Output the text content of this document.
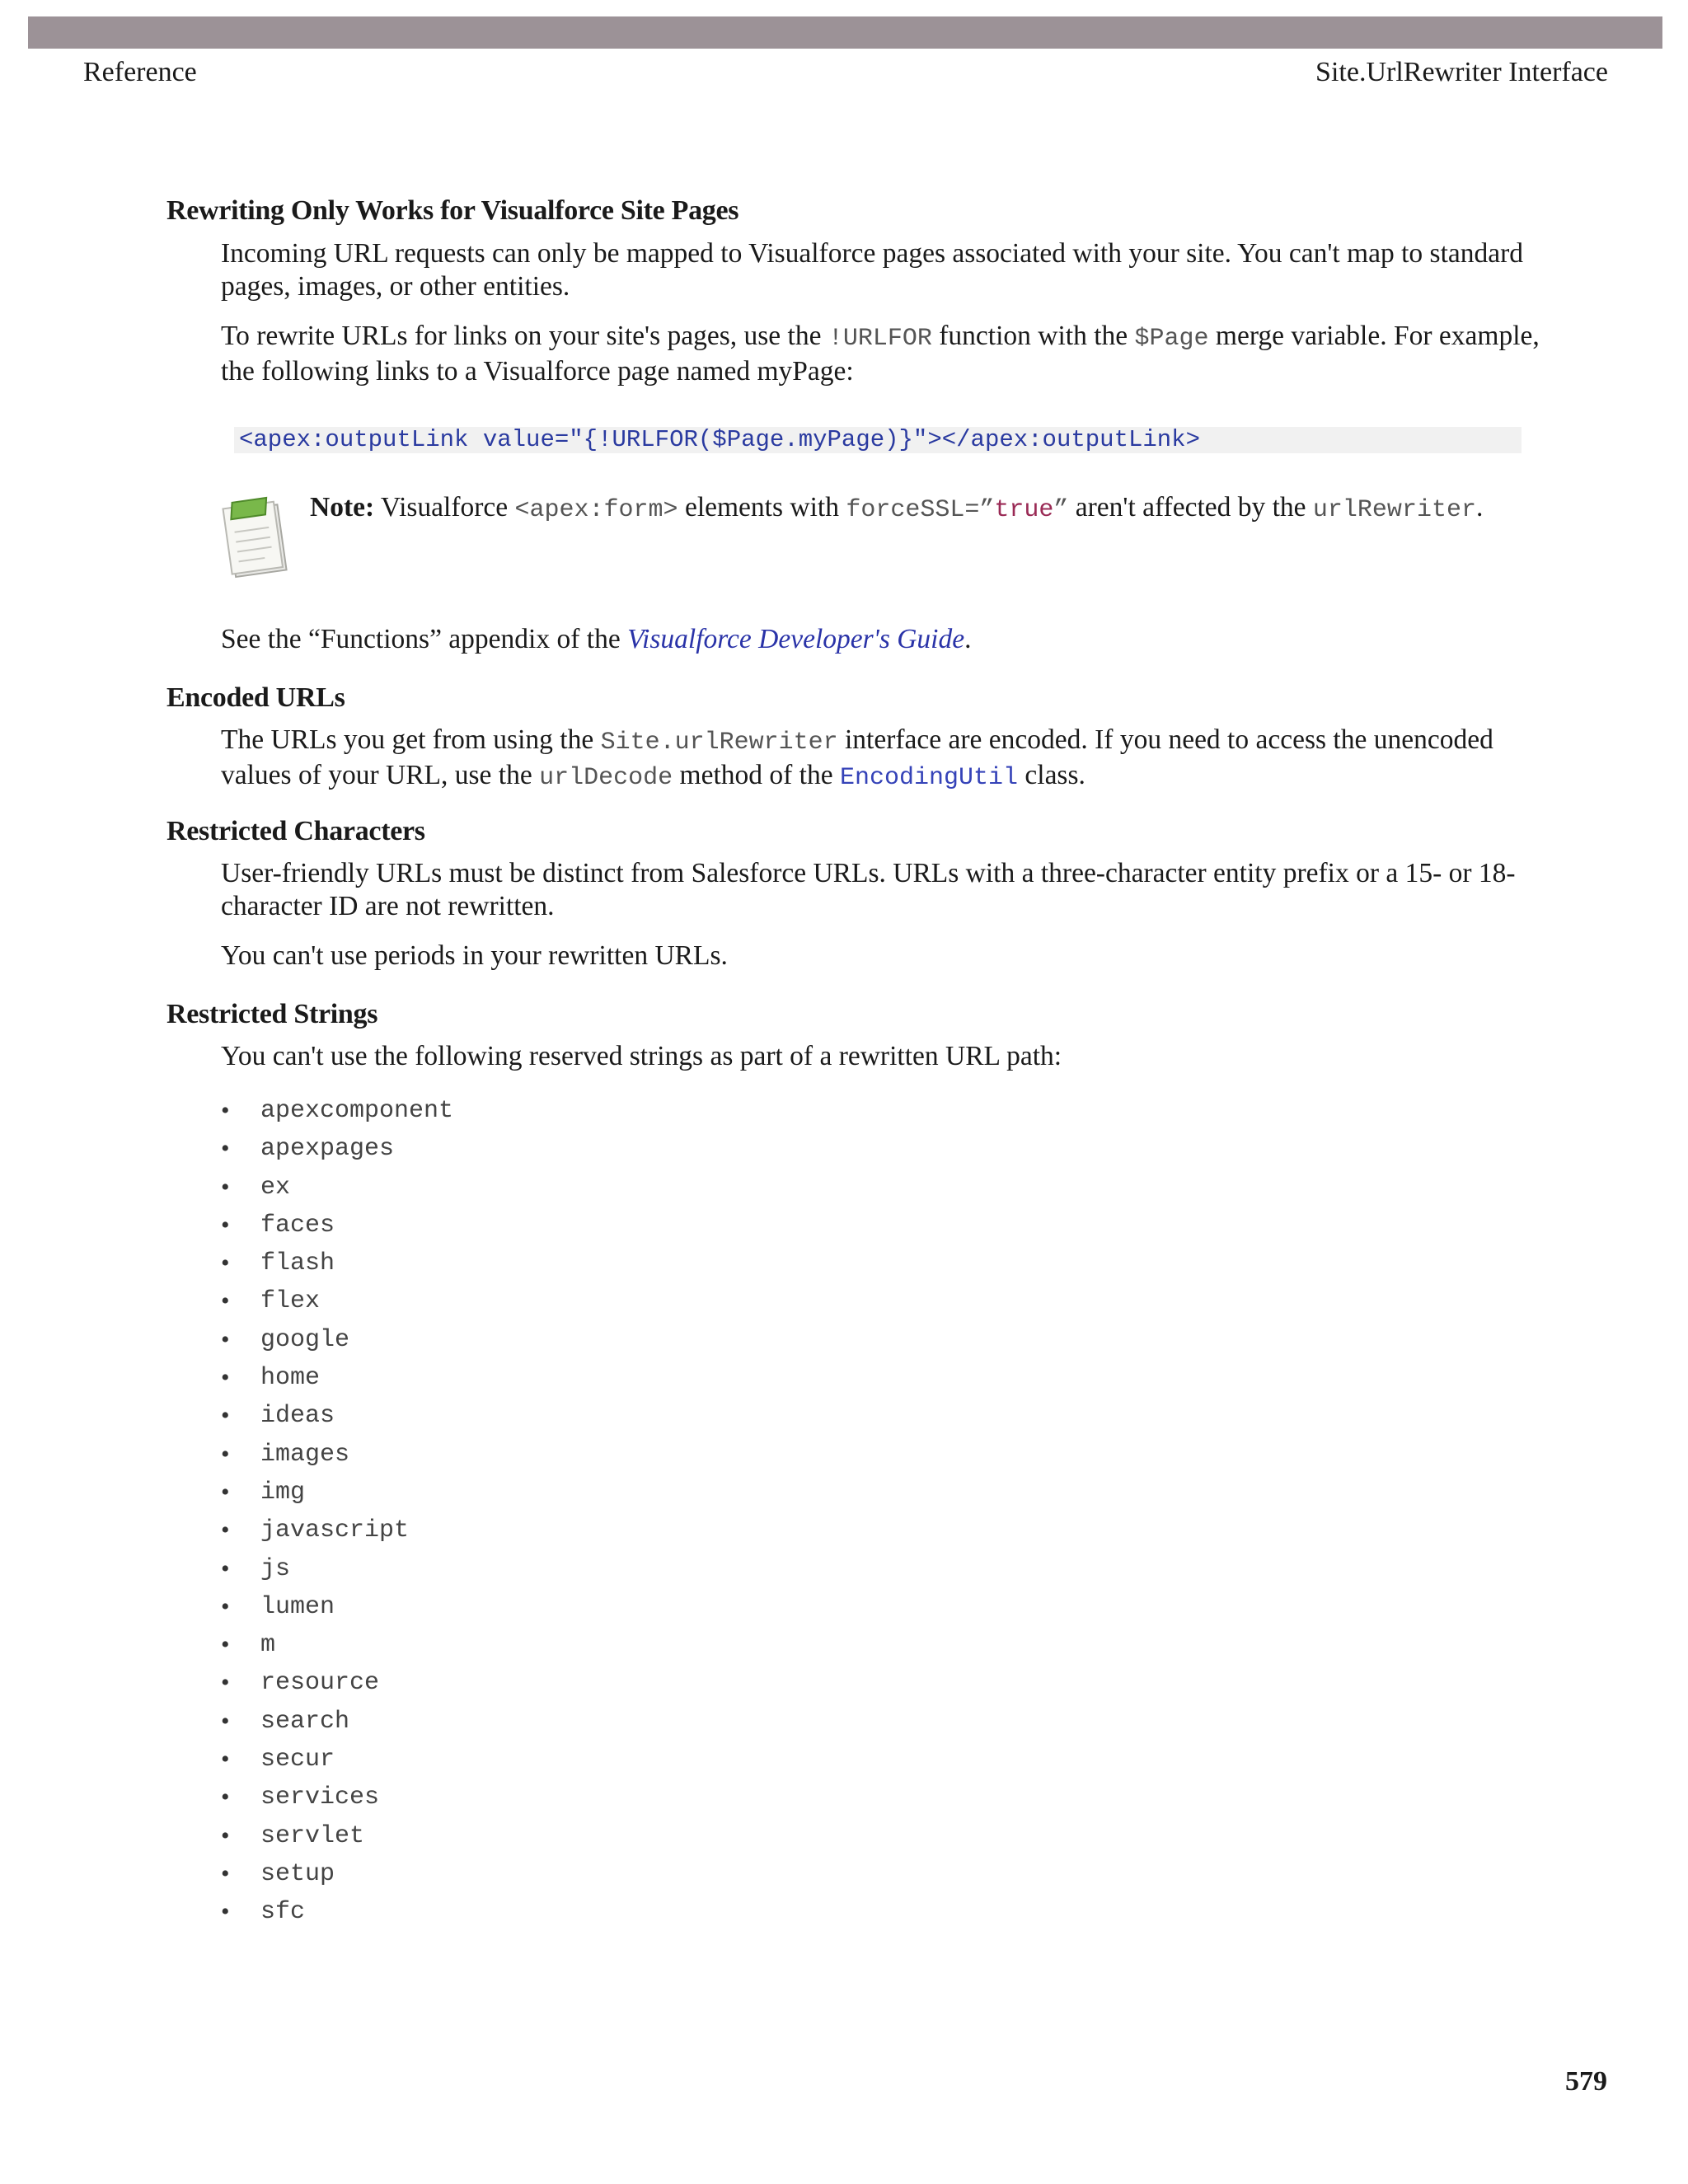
Reference	Site.UrlRewriter Interface
Rewriting Only Works for Visualforce Site Pages
Incoming URL requests can only be mapped to Visualforce pages associated with your site. You can't map to standard pages, images, or other entities.
To rewrite URLs for links on your site's pages, use the !URLFOR function with the $Page merge variable. For example, the following links to a Visualforce page named myPage:
<apex:outputLink value="{!URLFOR($Page.myPage)}"></apex:outputLink>
Note: Visualforce <apex:form> elements with forceSSL=”true” aren't affected by the urlRewriter.
See the “Functions” appendix of the Visualforce Developer's Guide.
Encoded URLs
The URLs you get from using the Site.urlRewriter interface are encoded. If you need to access the unencoded values of your URL, use the urlDecode method of the EncodingUtil class.
Restricted Characters
User-friendly URLs must be distinct from Salesforce URLs. URLs with a three-character entity prefix or a 15- or 18-character ID are not rewritten.
You can't use periods in your rewritten URLs.
Restricted Strings
You can't use the following reserved strings as part of a rewritten URL path:
• apexcomponent
• apexpages
• ex
• faces
• flash
• flex
• google
• home
• ideas
• images
• img
• javascript
• js
• lumen
• m
• resource
• search
• secur
• services
• servlet
• setup
• sfc
579
